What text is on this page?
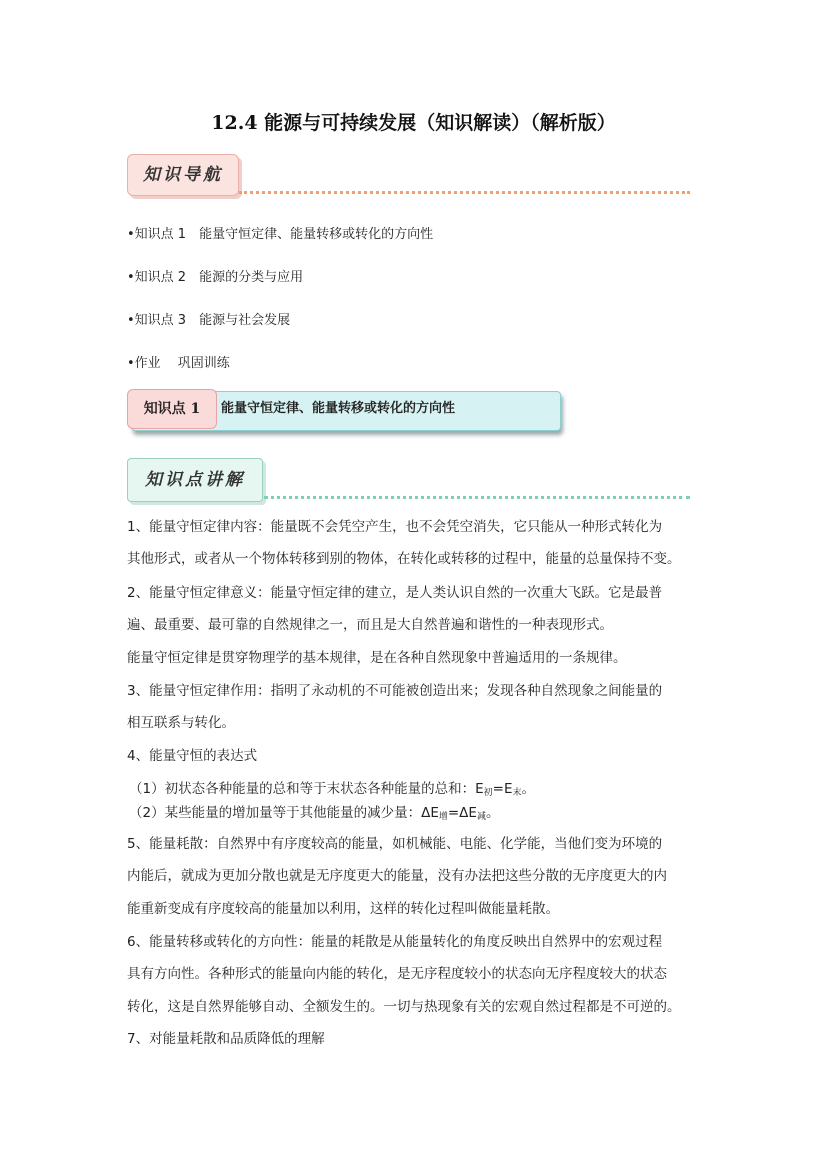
12.4 能源与可持续发展（知识解读）（解析版）
知识导航
•知识点 1　能量守恒定律、能量转移或转化的方向性
•知识点 2　能源的分类与应用
•知识点 3　能源与社会发展
•作业　 巩固训练
知识点 1	能量守恒定律、能量转移或转化的方向性
知识点讲解
1、能量守恒定律内容：能量既不会凭空产生，也不会凭空消失，它只能从一种形式转化为
其他形式，或者从一个物体转移到别的物体，在转化或转移的过程中，能量的总量保持不变。
2、能量守恒定律意义：能量守恒定律的建立，是人类认识自然的一次重大飞跃。它是最普
遍、最重要、最可靠的自然规律之一，而且是大自然普遍和谐性的一种表现形式。
能量守恒定律是贯穿物理学的基本规律，是在各种自然现象中普遍适用的一条规律。
3、能量守恒定律作用：指明了永动机的不可能被创造出来；发现各种自然现象之间能量的
相互联系与转化。
4、能量守恒的表达式
（1）初状态各种能量的总和等于末状态各种能量的总和：$E_初=E_末$。
（2）某些能量的增加量等于其他能量的减少量：$\Delta E_增=\Delta E_减$。
5、能量耗散：自然界中有序度较高的能量，如机械能、电能、化学能，当他们变为环境的
内能后，就成为更加分散也就是无序度更大的能量，没有办法把这些分散的无序度更大的内
能重新变成有序度较高的能量加以利用，这样的转化过程叫做能量耗散。
6、能量转移或转化的方向性：能量的耗散是从能量转化的角度反映出自然界中的宏观过程
具有方向性。各种形式的能量向内能的转化，是无序程度较小的状态向无序程度较大的状态
转化，这是自然界能够自动、全额发生的。一切与热现象有关的宏观自然过程都是不可逆的。
7、对能量耗散和品质降低的理解
